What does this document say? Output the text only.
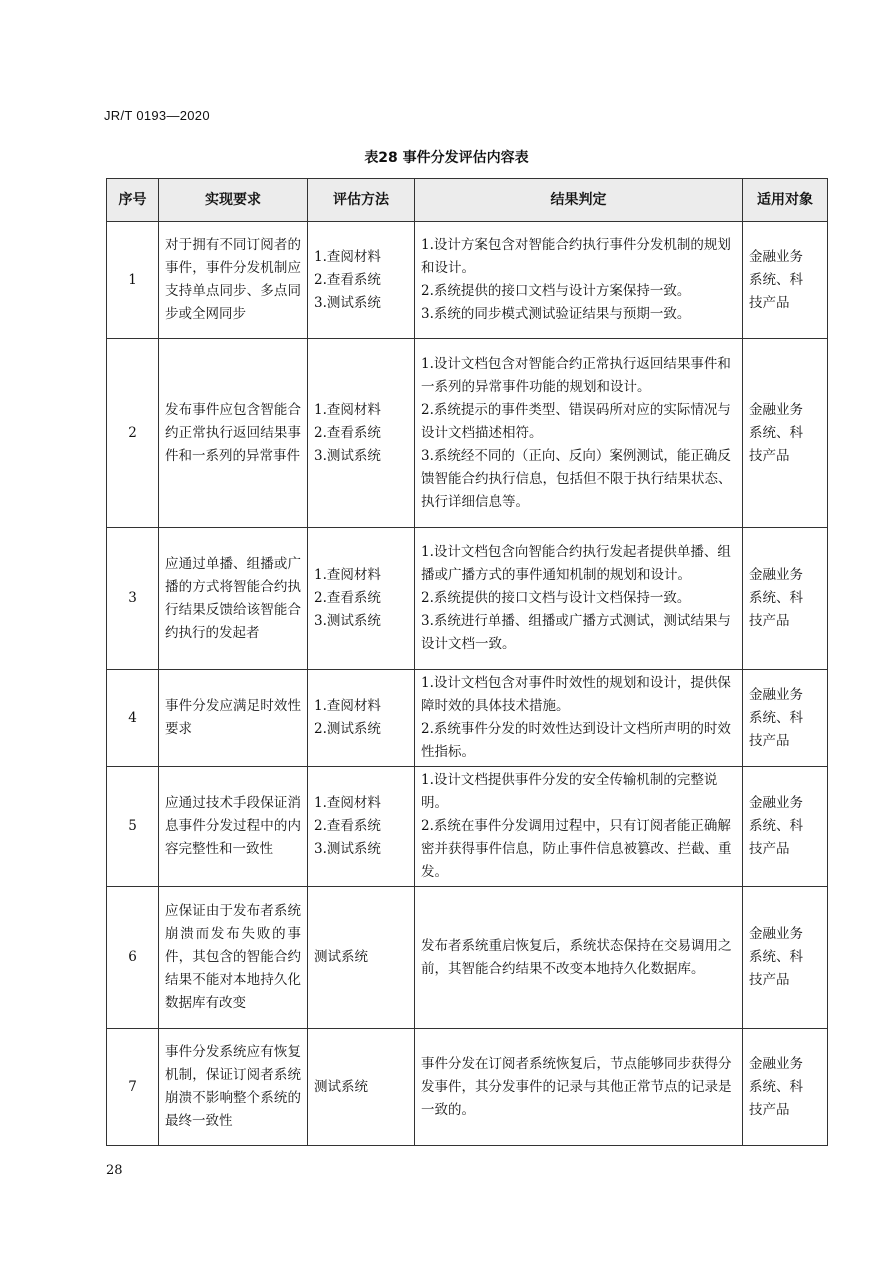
JR/T 0193—2020
表28 事件分发评估内容表
序号	实现要求	评估方法	结果判定	适用对象
1	对于拥有不同订阅者的事件，事件分发机制应支持单点同步、多点同步或全网同步	1.查阅材料
2.查看系统
3.测试系统	1.设计方案包含对智能合约执行事件分发机制的规划和设计。
2.系统提供的接口文档与设计方案保持一致。
3.系统的同步模式测试验证结果与预期一致。	金融业务
系统、科
技产品
2	发布事件应包含智能合约正常执行返回结果事件和一系列的异常事件	1.查阅材料
2.查看系统
3.测试系统	1.设计文档包含对智能合约正常执行返回结果事件和一系列的异常事件功能的规划和设计。
2.系统提示的事件类型、错误码所对应的实际情况与设计文档描述相符。
3.系统经不同的（正向、反向）案例测试，能正确反馈智能合约执行信息，包括但不限于执行结果状态、执行详细信息等。	金融业务
系统、科
技产品
3	应通过单播、组播或广播的方式将智能合约执行结果反馈给该智能合约执行的发起者	1.查阅材料
2.查看系统
3.测试系统	1.设计文档包含向智能合约执行发起者提供单播、组播或广播方式的事件通知机制的规划和设计。
2.系统提供的接口文档与设计文档保持一致。
3.系统进行单播、组播或广播方式测试，测试结果与设计文档一致。	金融业务
系统、科
技产品
4	事件分发应满足时效性要求	1.查阅材料
2.测试系统	1.设计文档包含对事件时效性的规划和设计，提供保障时效的具体技术措施。
2.系统事件分发的时效性达到设计文档所声明的时效性指标。	金融业务
系统、科
技产品
5	应通过技术手段保证消息事件分发过程中的内容完整性和一致性	1.查阅材料
2.查看系统
3.测试系统	1.设计文档提供事件分发的安全传输机制的完整说明。
2.系统在事件分发调用过程中，只有订阅者能正确解密并获得事件信息，防止事件信息被篡改、拦截、重发。	金融业务
系统、科
技产品
6	应保证由于发布者系统崩溃而发布失败的事件，其包含的智能合约结果不能对本地持久化数据库有改变	测试系统	发布者系统重启恢复后，系统状态保持在交易调用之前，其智能合约结果不改变本地持久化数据库。	金融业务
系统、科
技产品
7	事件分发系统应有恢复机制，保证订阅者系统崩溃不影响整个系统的最终一致性	测试系统	事件分发在订阅者系统恢复后，节点能够同步获得分发事件，其分发事件的记录与其他正常节点的记录是一致的。	金融业务
系统、科
技产品
28
